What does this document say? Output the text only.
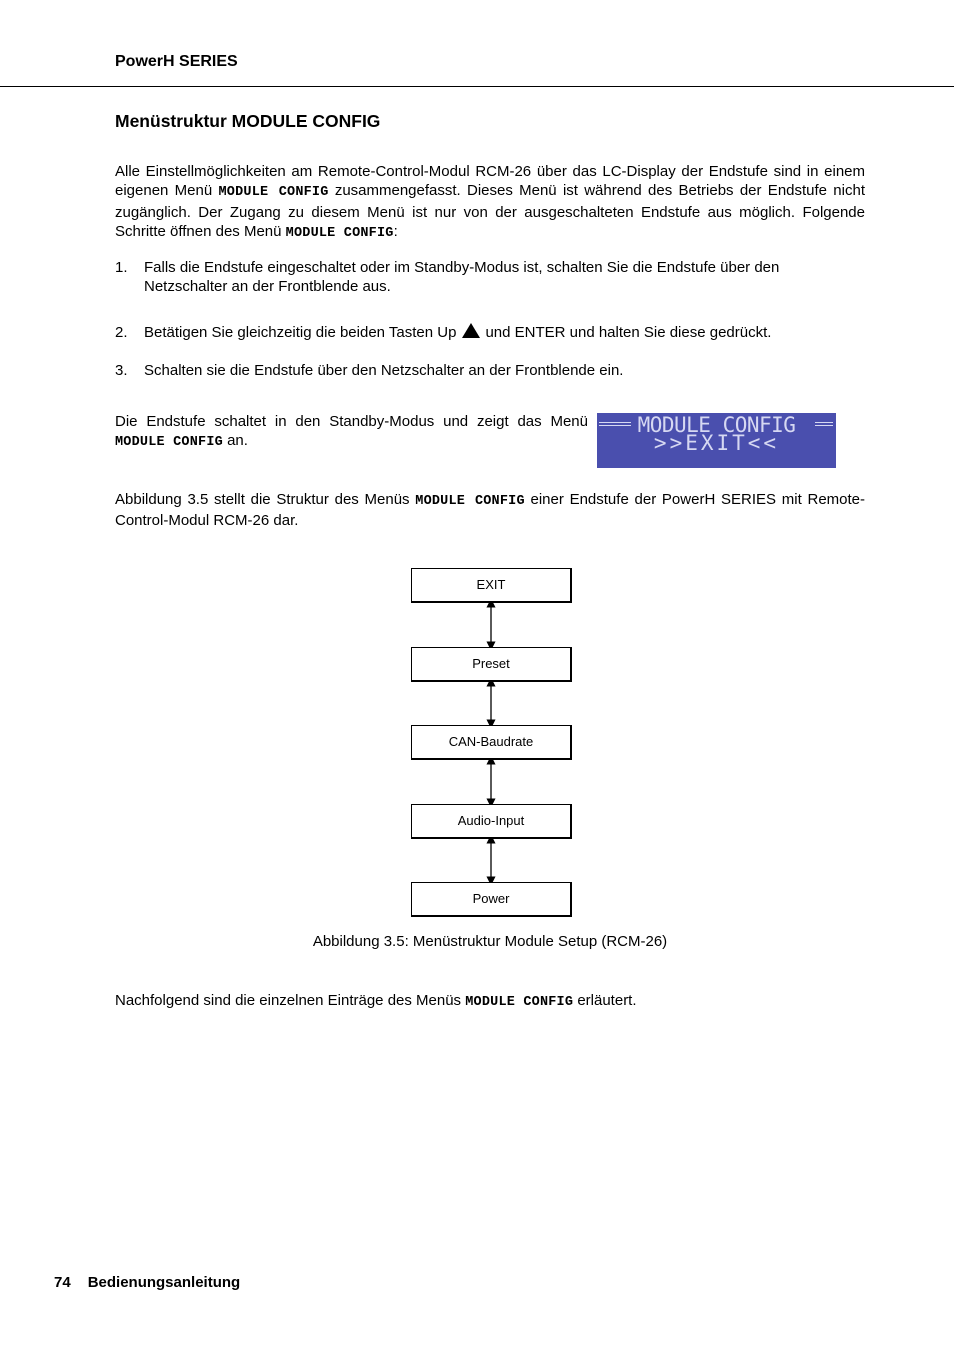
PowerH SERIES
Menüstruktur MODULE CONFIG
Alle Einstellmöglichkeiten am Remote-Control-Modul RCM-26 über das LC-Display der Endstufe sind in einem eigenen Menü MODULE CONFIG zusammengefasst. Dieses Menü ist während des Betriebs der Endstufe nicht zugänglich. Der Zugang zu diesem Menü ist nur von der ausgeschalteten Endstufe aus möglich. Folgende Schritte öffnen des Menü MODULE CONFIG:
1. Falls die Endstufe eingeschaltet oder im Standby-Modus ist, schalten Sie die Endstufe über den Netzschalter an der Frontblende aus.
2. Betätigen Sie gleichzeitig die beiden Tasten Up und ENTER und halten Sie diese gedrückt.
3. Schalten sie die Endstufe über den Netzschalter an der Frontblende ein.
Die Endstufe schaltet in den Standby-Modus und zeigt das Menü MODULE CONFIG an.
MODULE CONFIG
>>EXIT<<
Abbildung 3.5 stellt die Struktur des Menüs MODULE CONFIG einer Endstufe der PowerH SERIES mit Remote-Control-Modul RCM-26 dar.
EXIT
Preset
CAN-Baudrate
Audio-Input
Power
Abbildung 3.5: Menüstruktur Module Setup (RCM-26)
Nachfolgend sind die einzelnen Einträge des Menüs MODULE CONFIG erläutert.
74 Bedienungsanleitung
